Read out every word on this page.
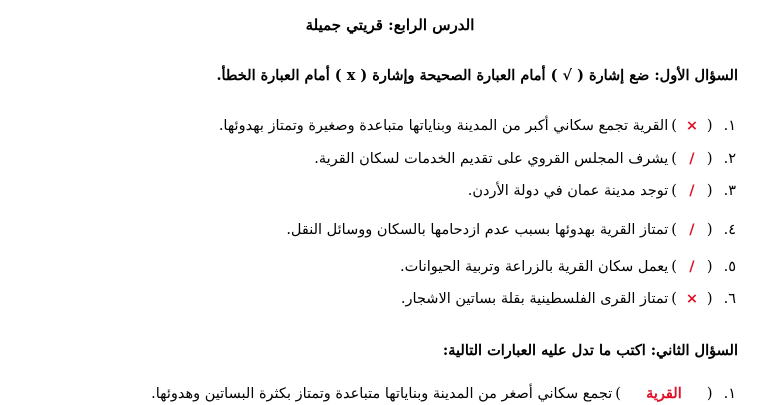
الدرس الرابع: قريتي جميلة
السؤال الأول: ضع إشارة ( √ ) أمام العبارة الصحيحة وإشارة ( x ) أمام العبارة الخطأ.
١.
(
×
)
القرية تجمع سكاني أكبر من المدينة وبناياتها متباعدة وصغيرة وتمتاز بهدوئها.
٢.
(
/
)
يشرف المجلس القروي على تقديم الخدمات لسكان القرية.
٣.
(
/
)
توجد مدينة عمان في دولة الأردن.
٤.
(
/
)
تمتاز القرية بهدوئها بسبب عدم ازدحامها بالسكان ووسائل النقل.
٥.
(
/
)
يعمل سكان القرية بالزراعة وتربية الحيوانات.
٦.
(
×
)
تمتاز القرى الفلسطينية بقلة بساتين الاشجار.
السؤال الثاني: اكتب ما تدل عليه العبارات التالية:
١.
(
القرية
)
تجمع سكاني أصغر من المدينة وبناياتها متباعدة وتمتاز بكثرة البساتين وهدوئها.
